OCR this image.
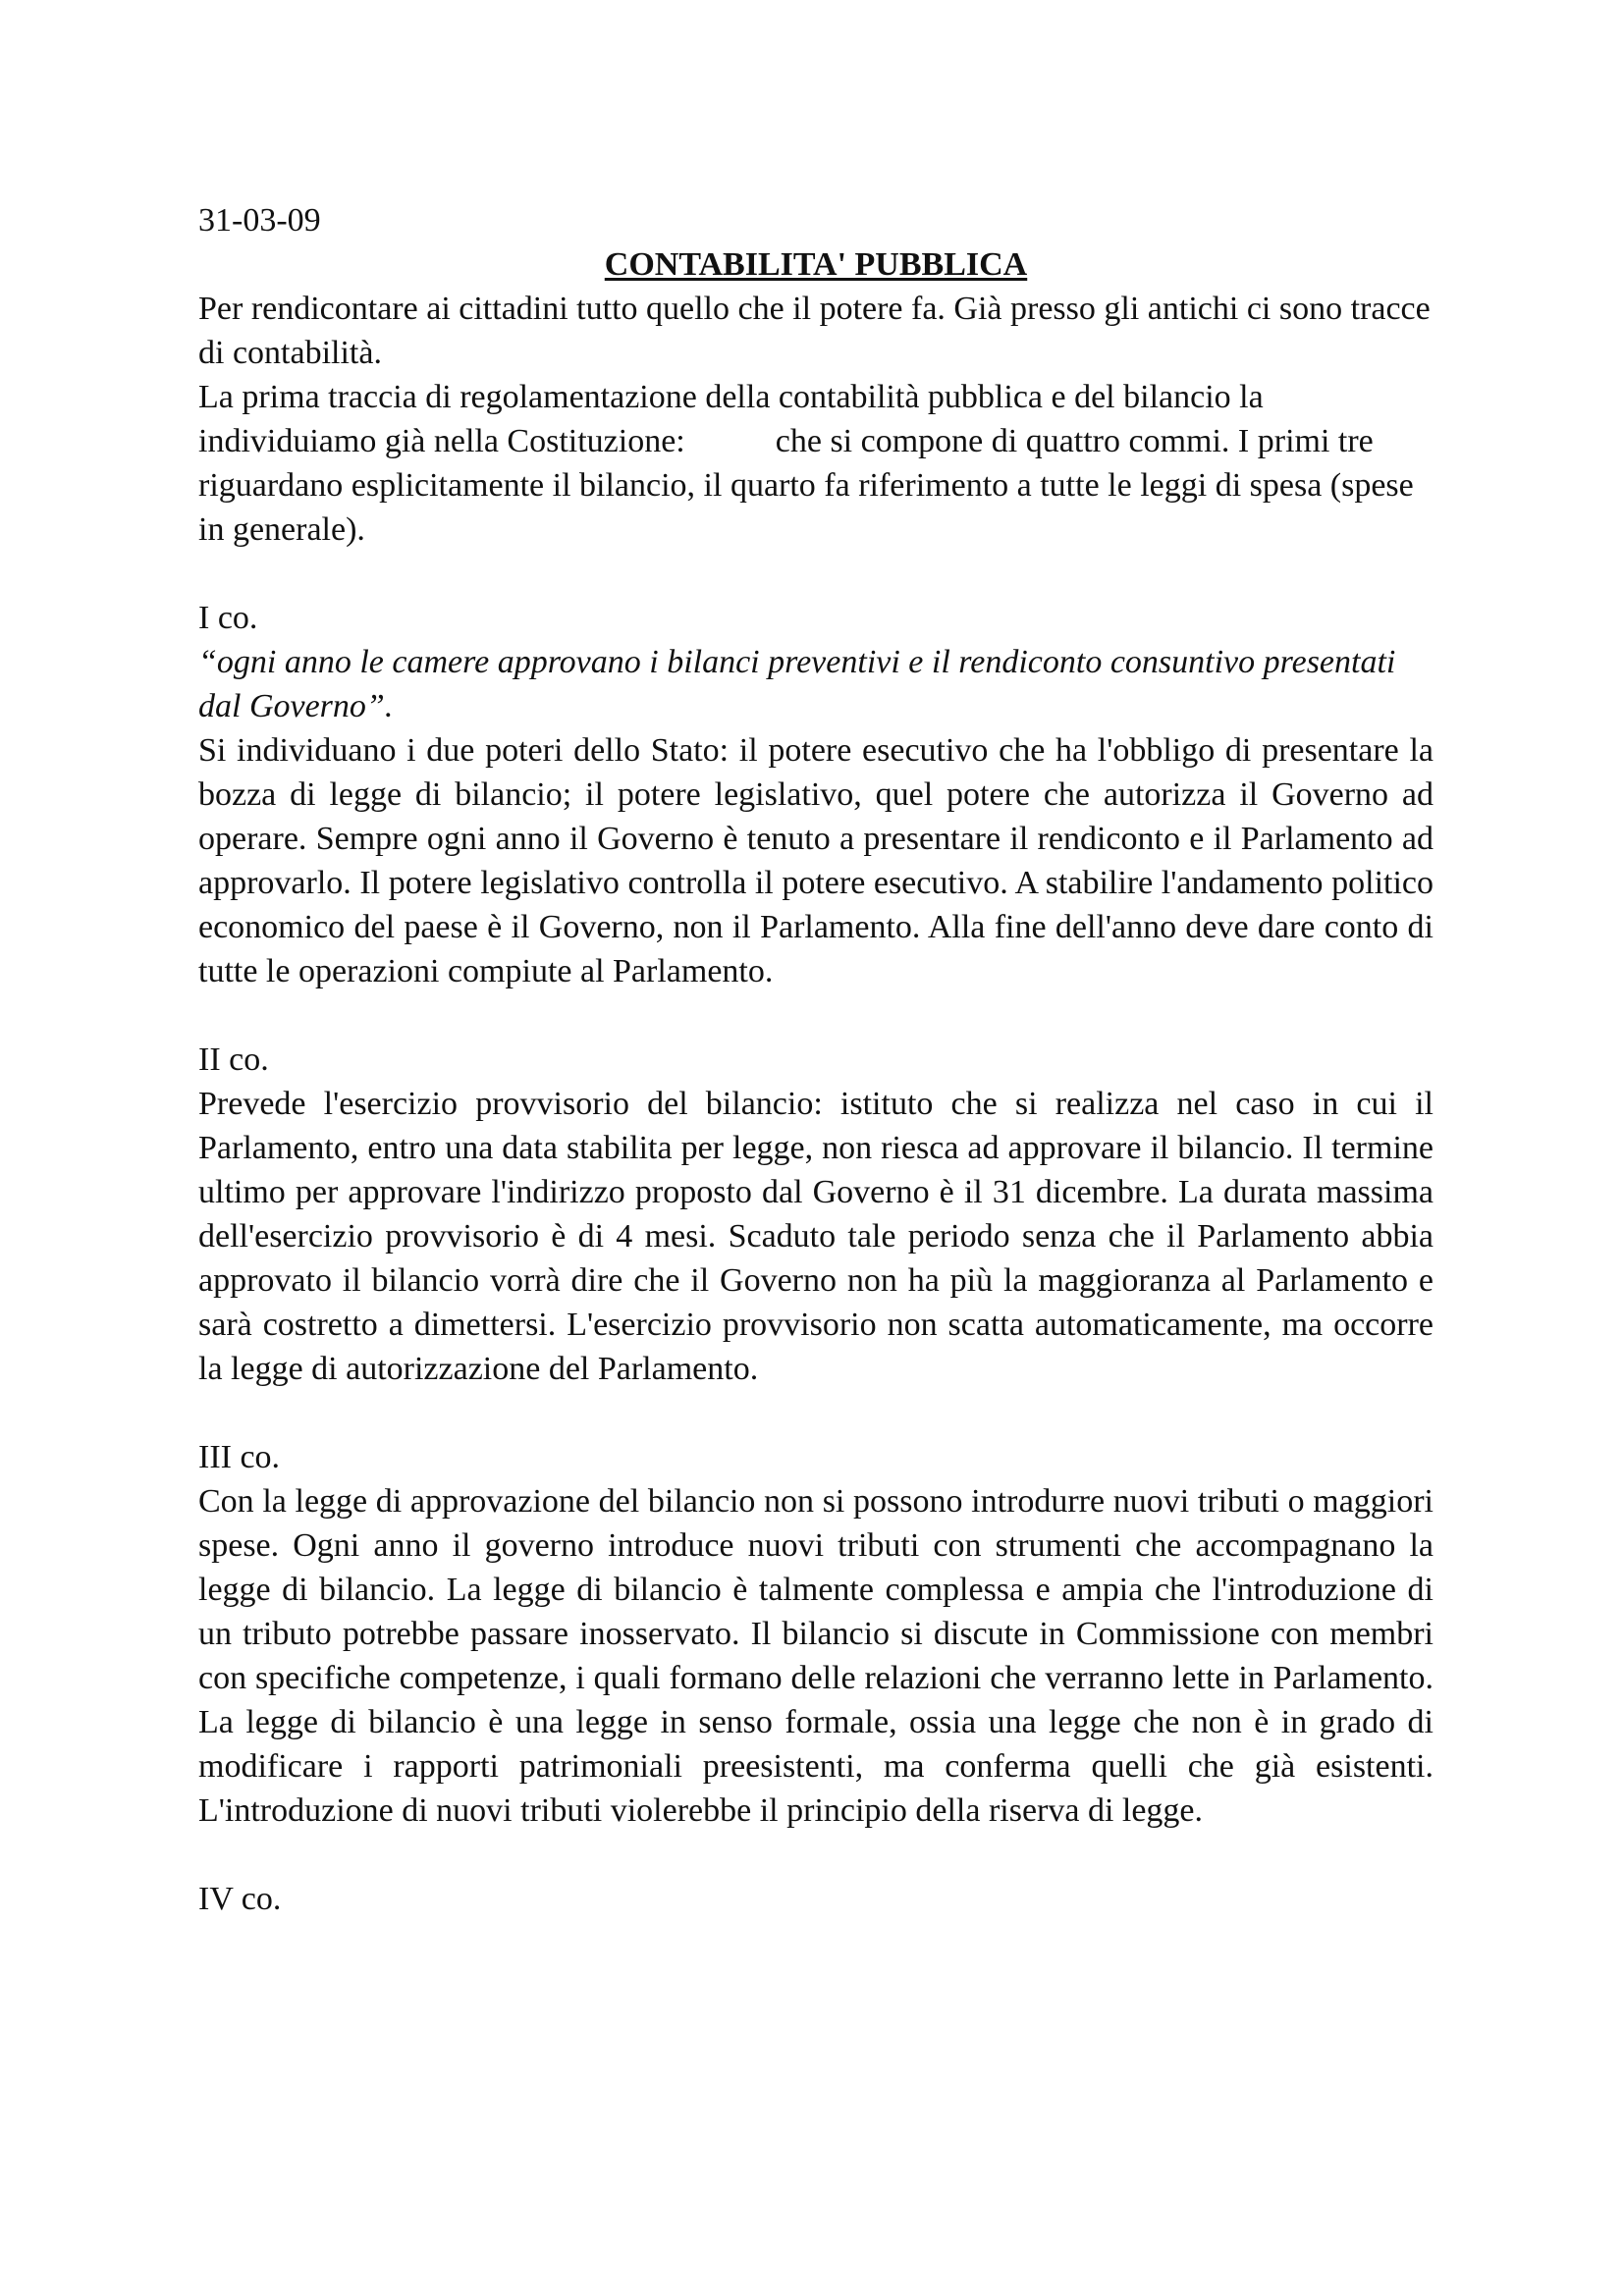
31-03-09

CONTABILITA' PUBBLICA

Per rendicontare ai cittadini tutto quello che il potere fa. Già presso gli antichi ci sono tracce di contabilità.

La prima traccia di regolamentazione della contabilità pubblica e del bilancio la individuiamo già nella Costituzione:	che si compone di quattro commi. I primi tre riguardano esplicitamente il bilancio, il quarto fa riferimento a tutte le leggi di spesa (spese in generale).

I co.

“ogni anno le camere approvano i bilanci preventivi e il rendiconto consuntivo presentati dal Governo”.

Si individuano i due poteri dello Stato: il potere esecutivo che ha l'obbligo di presentare la bozza di legge di bilancio; il potere legislativo, quel potere che autorizza il Governo ad operare. Sempre ogni anno il Governo è tenuto a presentare il rendiconto e il Parlamento ad approvarlo. Il potere legislativo controlla il potere esecutivo. A stabilire l'andamento politico economico del paese è il Governo, non il Parlamento. Alla fine dell'anno deve dare conto di tutte le operazioni compiute al Parlamento.

II co.

Prevede l'esercizio provvisorio del bilancio: istituto che si realizza nel caso in cui il Parlamento, entro una data stabilita per legge, non riesca ad approvare il bilancio. Il termine ultimo per approvare l'indirizzo proposto dal Governo è il 31 dicembre. La durata massima dell'esercizio provvisorio è di 4 mesi. Scaduto tale periodo senza che il Parlamento abbia approvato il bilancio vorrà dire che il Governo non ha più la maggioranza al Parlamento e sarà costretto a dimettersi. L'esercizio provvisorio non scatta automaticamente, ma occorre la legge di autorizzazione del Parlamento.

III co.

Con la legge di approvazione del bilancio non si possono introdurre nuovi tributi o maggiori spese. Ogni anno il governo introduce nuovi tributi con strumenti che accompagnano la legge di bilancio. La legge di bilancio è talmente complessa e ampia che l'introduzione di un tributo potrebbe passare inosservato. Il bilancio si discute in Commissione con membri con specifiche competenze, i quali formano delle relazioni che verranno lette in Parlamento. La legge di bilancio è una legge in senso formale, ossia una legge che non è in grado di modificare i rapporti patrimoniali preesistenti, ma conferma quelli che già esistenti. L'introduzione di nuovi tributi violerebbe il principio della riserva di legge.

IV co.
